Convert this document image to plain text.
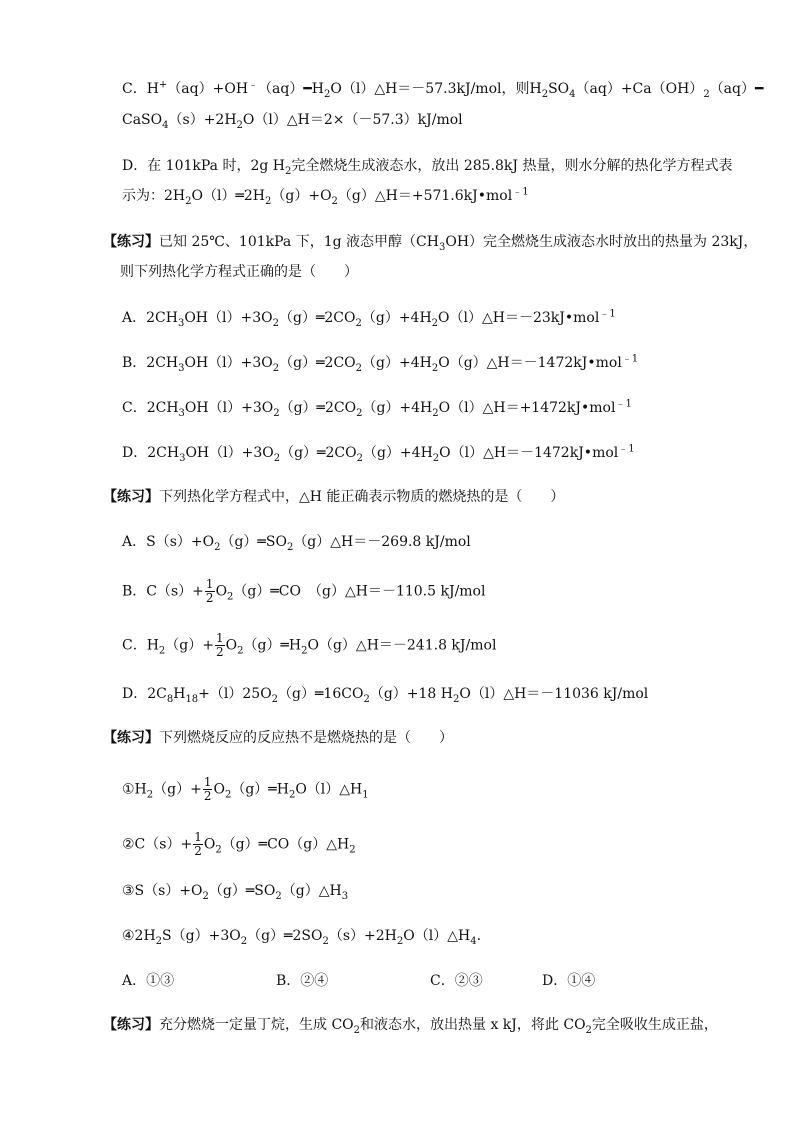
C．$H^+(aq)+OH^﹣(aq)━H_2O(l)\triangle H=-57.3kJ$/mol，则$H_2SO_4(aq)+Ca(OH)_2(aq)━$
$CaSO_4(s)+2H_2O(l)\triangle H=2\times(-57.3)kJ$/mol
D．在 101kPa 时，2g $H_2$完全燃烧生成液态水，放出 285.8kJ 热量，则水分解的热化学方程式表
示为：$2H_2O(l)═2H_2(g)+O_2(g)\triangle H=+571.6kJ•mol^{﹣1}$
【练习】已知 25℃、101kPa 下，1g 液态甲醇$(CH_3OH)$完全燃烧生成液态水时放出的热量为 23kJ，
则下列热化学方程式正确的是（　　）
A．$2CH_3OH(l)+3O_2(g)═2CO_2(g)+4H_2O(l)\triangle H=-23kJ•mol^{﹣1}$
B．$2CH_3OH(l)+3O_2(g)═2CO_2(g)+4H_2O(g)\triangle H=-1472kJ•mol^{﹣1}$
C．$2CH_3OH(l)+3O_2(g)═2CO_2(g)+4H_2O(l)\triangle H=+1472kJ•mol^{﹣1}$
D．$2CH_3OH(l)+3O_2(g)═2CO_2(g)+4H_2O(l)\triangle H=-1472kJ•mol^{﹣1}$
【练习】下列热化学方程式中，△H 能正确表示物质的燃烧热的是（　　）
A．$S(s)+O_2(g)═SO_2(g)\triangle H=-269.8$ kJ/mol
B．$C(s)+ \frac{1}{2}$ $O_2(g)═CO$　（g）△H＝－110.5 kJ/mol
C．$H_2(g)+ \frac{1}{2}$ $O_2(g)═H_2O(g)\triangle H=-241.8$ kJ/mol
D．$2C_8H_{18}+(l)25O_2(g)═16CO_2(g)+18$ $H_2O(l)\triangle H=-11036$ kJ/mol
【练习】下列燃烧反应的反应热不是燃烧热的是（　　）
$①H_2(g)+ \frac{1}{2}$ $O_2(g)═H_2O(l)\triangle H_1$
②C（s）+ $\frac{1}{2}$ $O_2(g)═CO(g)\triangle H_2$
$③S(s)+O_2(g)═SO_2(g)\triangle H_3$
$④2H_2S(g)+3O_2(g)═2SO_2(s)+2H_2O(l)\triangle H_4$.
A．①③	B．②④	C．②③	D．①④
【练习】充分燃烧一定量丁烷，生成 $CO_2$和液态水，放出热量 x kJ，将此 $CO_2$完全吸收生成正盐，
